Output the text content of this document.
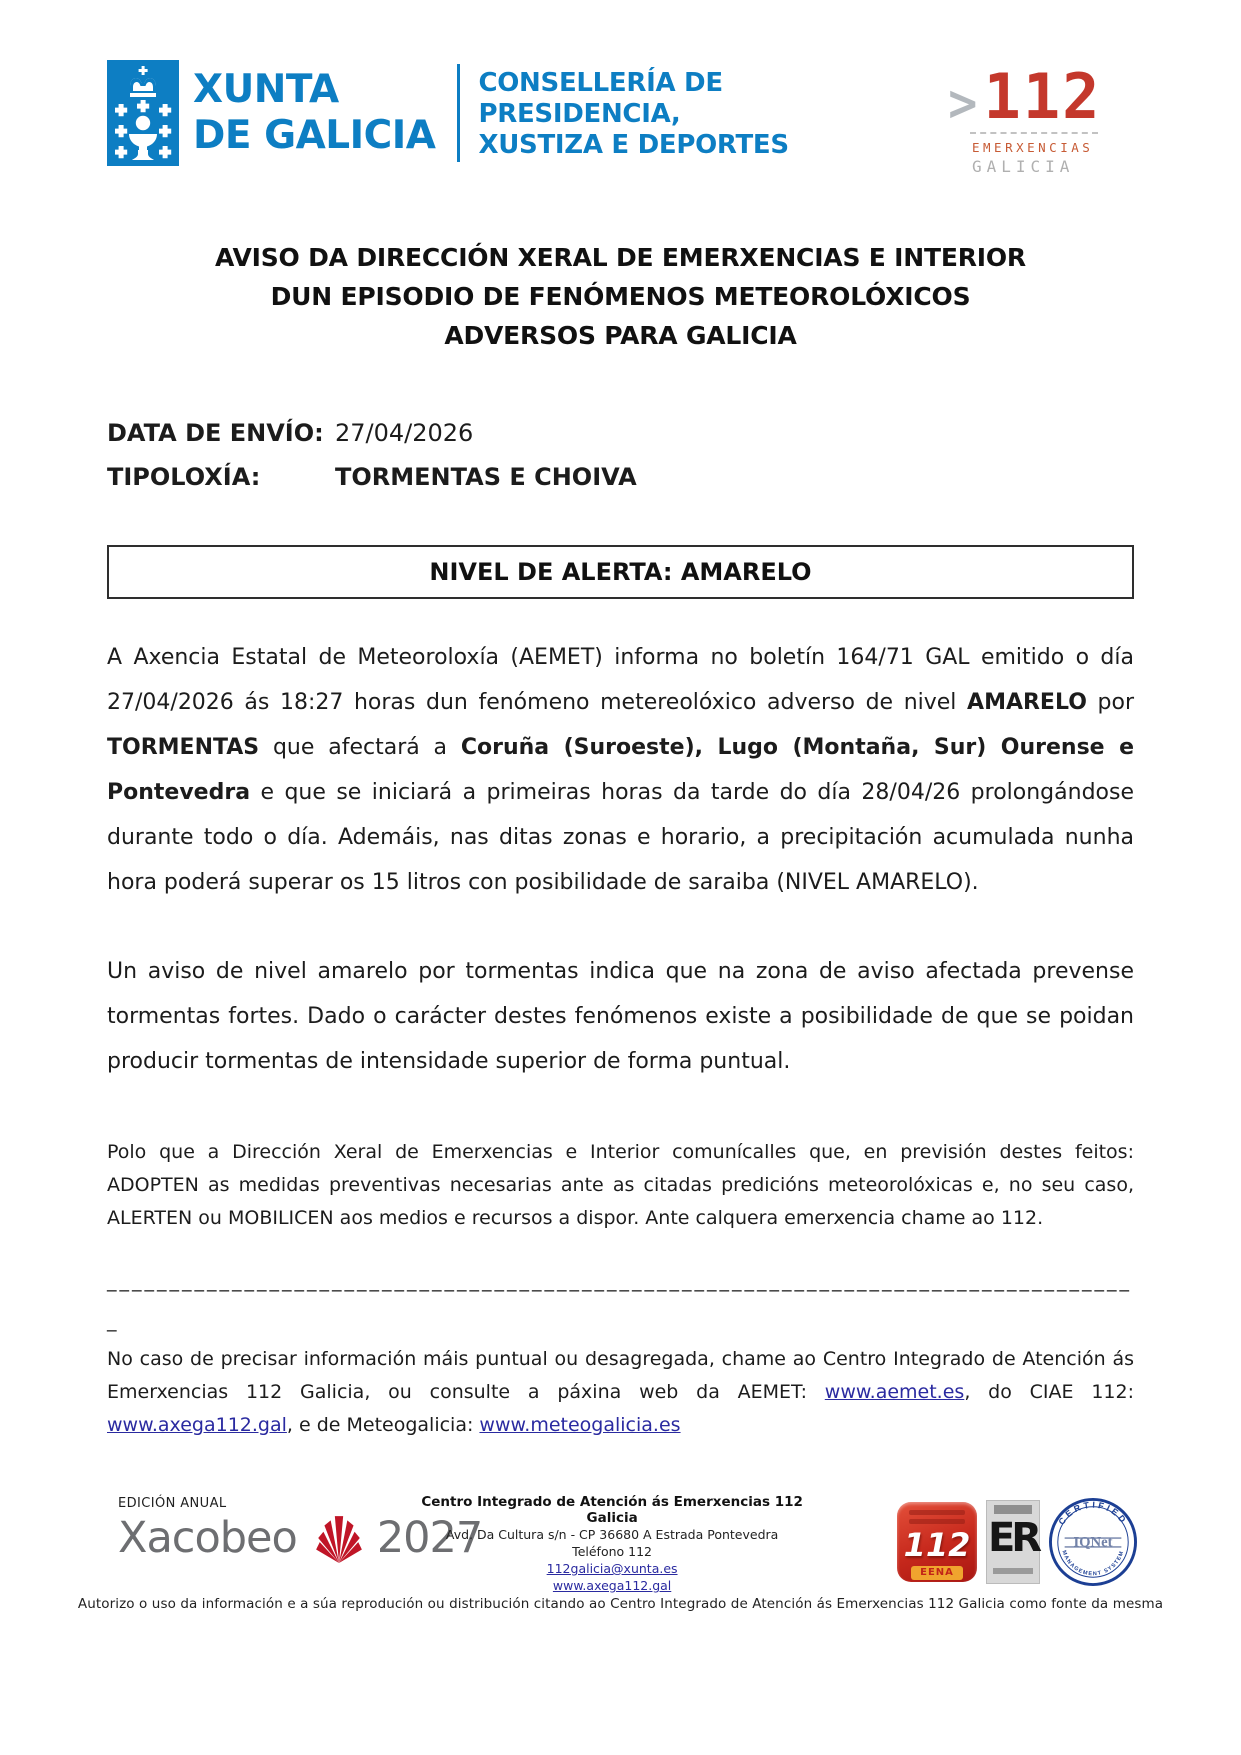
XUNTA
DE GALICIA
CONSELLERÍA DE
PRESIDENCIA,
XUSTIZA E DEPORTES
> 112
EMERXENCIAS
GALICIA
AVISO DA DIRECCIÓN XERAL DE EMERXENCIAS E INTERIOR DUN EPISODIO DE FENÓMENOS METEOROLÓXICOS ADVERSOS PARA GALICIA
DATA DE ENVÍO: 27/04/2026
TIPOLOXÍA:	TORMENTAS E CHOIVA
NIVEL DE ALERTA: AMARELO

A Axencia Estatal de Meteoroloxía (AEMET) informa no boletín 164/71 GAL emitido o día 27/04/2026 ás 18:27 horas dun fenómeno metereolóxico adverso de nivel AMARELO por TORMENTAS que afectará a Coruña (Suroeste), Lugo (Montaña, Sur) Ourense e Pontevedra e que se iniciará a primeiras horas da tarde do día 28/04/26 prolongándose durante todo o día. Ademáis, nas ditas zonas e horario, a precipitación acumulada nunha hora poderá superar os 15 litros con posibilidade de saraiba (NIVEL AMARELO).

Un aviso de nivel amarelo por tormentas indica que na zona de aviso afectada prevense tormentas fortes. Dado o carácter destes fenómenos existe a posibilidade de que se poidan producir tormentas de intensidade superior de forma puntual.

Polo que a Dirección Xeral de Emerxencias e Interior comunícalles que, en previsión destes feitos: ADOPTEN as medidas preventivas necesarias ante as citadas predicións meteorolóxicas e, no seu caso, ALERTEN ou MOBILICEN aos medios e recursos a dispor. Ante calquera emerxencia chame ao 112.

___________________________________________________________________________________

No caso de precisar información máis puntual ou desagregada, chame ao Centro Integrado de Atención ás Emerxencias 112 Galicia, ou consulte a páxina web da AEMET: www.aemet.es, do CIAE 112: www.axega112.gal, e de Meteogalicia: www.meteogalicia.es

EDICIÓN ANUAL
Xacobeo 2027
Centro Integrado de Atención ás Emerxencias 112 Galicia
Avd. Da Cultura s/n - CP 36680 A Estrada Pontevedra
Teléfono 112
112galicia@xunta.es
www.axega112.gal
112
EENA
ER CERTIFIED
IQNet
MANAGEMENT SYSTEM
Autorizo o uso da información e a súa reprodución ou distribución citando ao Centro Integrado de Atención ás Emerxencias 112 Galicia como fonte da mesma
